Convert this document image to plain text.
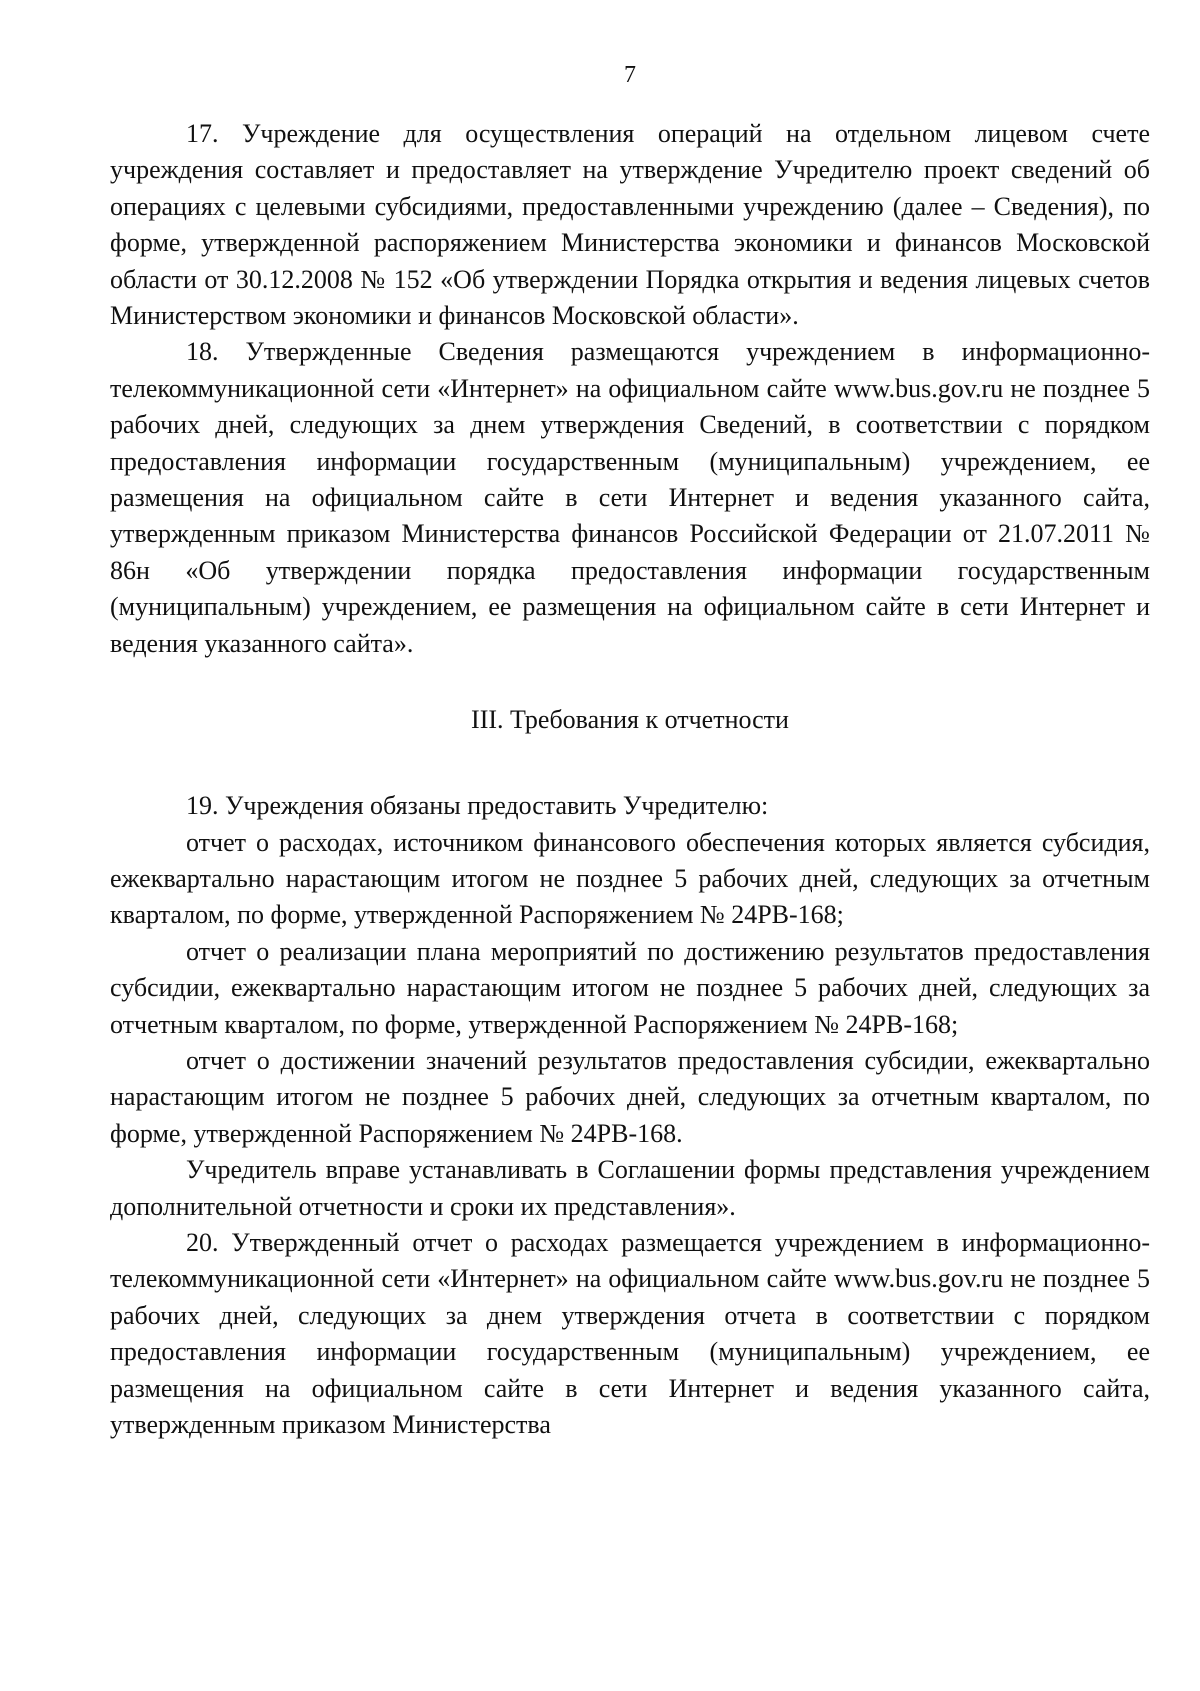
7

17. Учреждение для осуществления операций на отдельном лицевом счете учреждения составляет и предоставляет на утверждение Учредителю проект сведений об операциях с целевыми субсидиями, предоставленными учреждению (далее – Сведения), по форме, утвержденной распоряжением Министерства экономики и финансов Московской области от 30.12.2008 № 152 «Об утверждении Порядка открытия и ведения лицевых счетов Министерством экономики и финансов Московской области».

18. Утвержденные Сведения размещаются учреждением в информационно-телекоммуникационной сети «Интернет» на официальном сайте www.bus.gov.ru не позднее 5 рабочих дней, следующих за днем утверждения Сведений, в соответствии с порядком предоставления информации государственным (муниципальным) учреждением, ее размещения на официальном сайте в сети Интернет и ведения указанного сайта, утвержденным приказом Министерства финансов Российской Федерации от 21.07.2011 № 86н «Об утверждении порядка предоставления информации государственным (муниципальным) учреждением, ее размещения на официальном сайте в сети Интернет и ведения указанного сайта».

III. Требования к отчетности

19. Учреждения обязаны предоставить Учредителю:

отчет о расходах, источником финансового обеспечения которых является субсидия, ежеквартально нарастающим итогом не позднее 5 рабочих дней, следующих за отчетным кварталом, по форме, утвержденной Распоряжением № 24РВ-168;

отчет о реализации плана мероприятий по достижению результатов предоставления субсидии, ежеквартально нарастающим итогом не позднее 5 рабочих дней, следующих за отчетным кварталом, по форме, утвержденной Распоряжением № 24РВ-168;

отчет о достижении значений результатов предоставления субсидии, ежеквартально нарастающим итогом не позднее 5 рабочих дней, следующих за отчетным кварталом, по форме, утвержденной Распоряжением № 24РВ-168.

Учредитель вправе устанавливать в Соглашении формы представления учреждением дополнительной отчетности и сроки их представления».

20. Утвержденный отчет о расходах размещается учреждением в информационно- телекоммуникационной сети «Интернет» на официальном сайте www.bus.gov.ru не позднее 5 рабочих дней, следующих за днем утверждения отчета в соответствии с порядком предоставления информации государственным (муниципальным) учреждением, ее размещения на официальном сайте в сети Интернет и ведения указанного сайта, утвержденным приказом Министерства
